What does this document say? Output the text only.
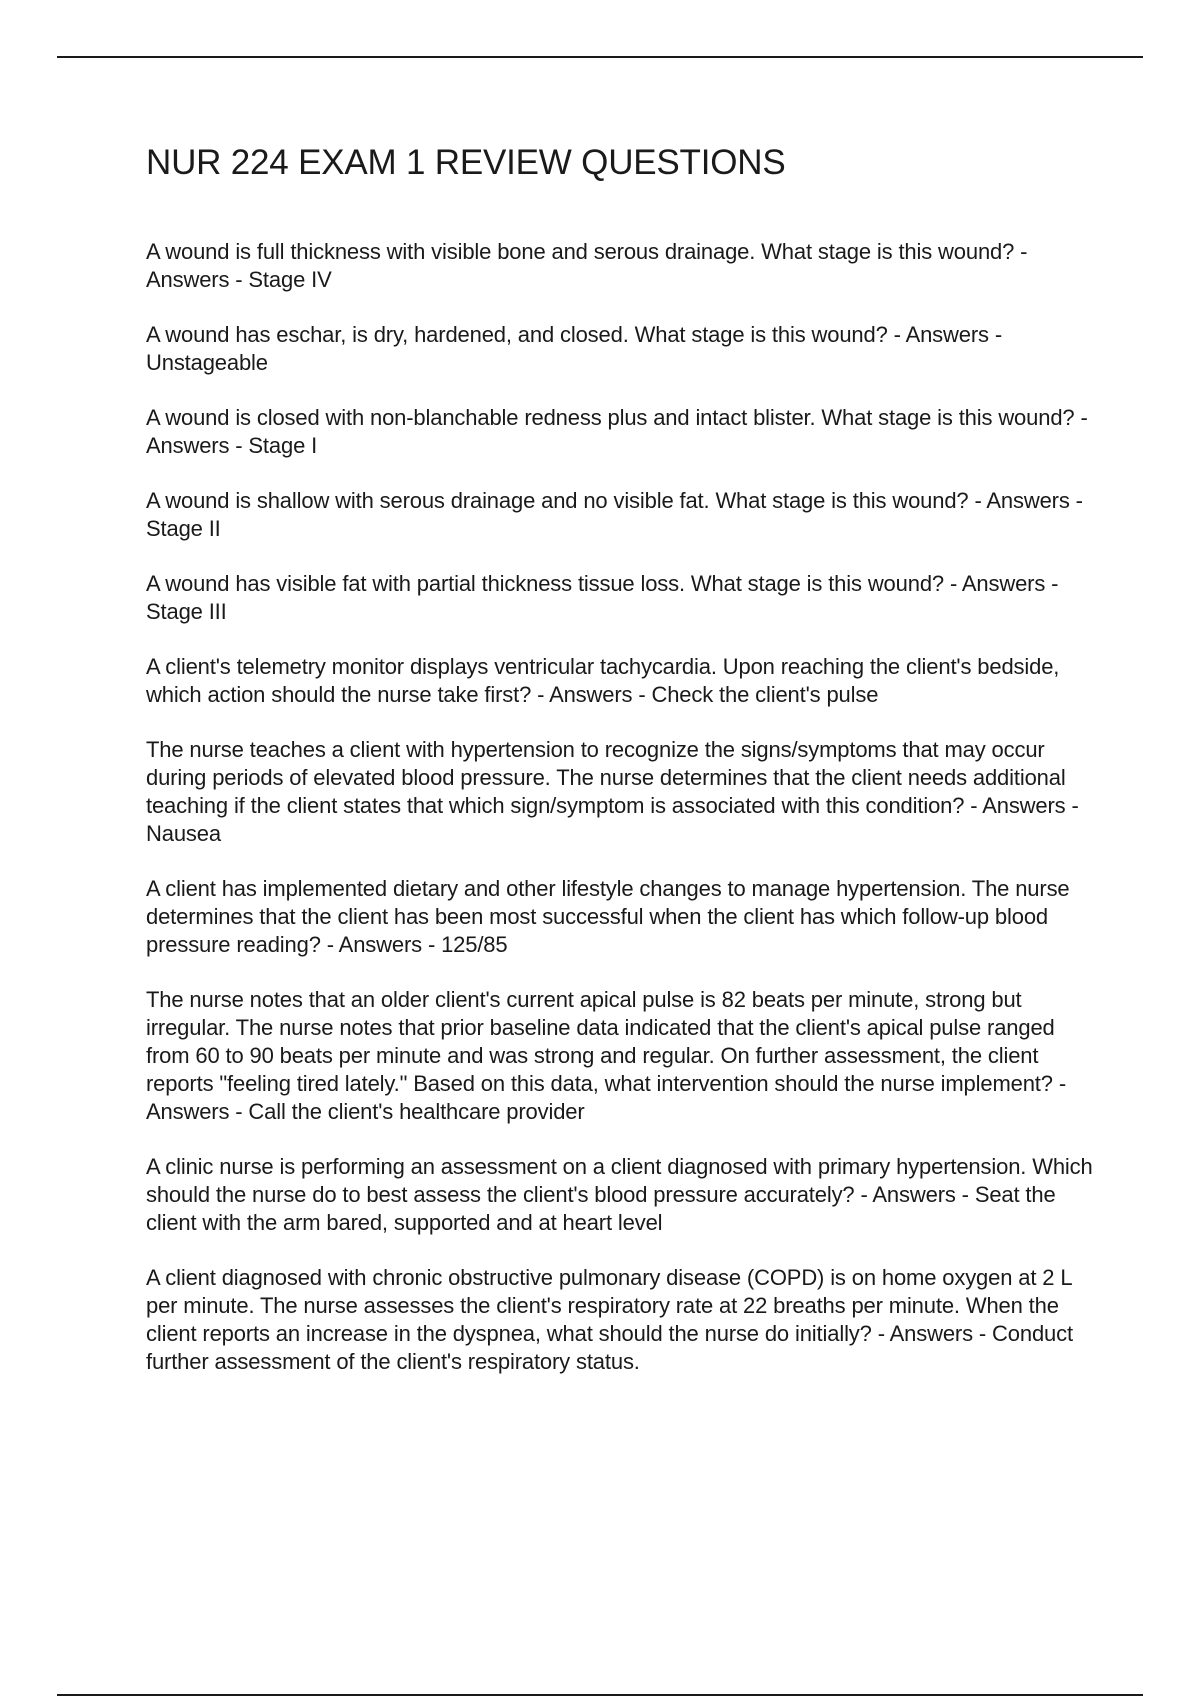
NUR 224 EXAM 1 REVIEW QUESTIONS
A wound is full thickness with visible bone and serous drainage. What stage is this wound? - Answers - Stage IV
A wound has eschar, is dry, hardened, and closed. What stage is this wound? - Answers - Unstageable
A wound is closed with non-blanchable redness plus and intact blister. What stage is this wound? - Answers - Stage I
A wound is shallow with serous drainage and no visible fat. What stage is this wound? - Answers - Stage II
A wound has visible fat with partial thickness tissue loss. What stage is this wound? - Answers - Stage III
A client's telemetry monitor displays ventricular tachycardia. Upon reaching the client's bedside, which action should the nurse take first? - Answers - Check the client's pulse
The nurse teaches a client with hypertension to recognize the signs/symptoms that may occur during periods of elevated blood pressure. The nurse determines that the client needs additional teaching if the client states that which sign/symptom is associated with this condition? - Answers - Nausea
A client has implemented dietary and other lifestyle changes to manage hypertension. The nurse determines that the client has been most successful when the client has which follow-up blood pressure reading? - Answers - 125/85
The nurse notes that an older client's current apical pulse is 82 beats per minute, strong but irregular. The nurse notes that prior baseline data indicated that the client's apical pulse ranged from 60 to 90 beats per minute and was strong and regular. On further assessment, the client reports "feeling tired lately." Based on this data, what intervention should the nurse implement? - Answers - Call the client's healthcare provider
A clinic nurse is performing an assessment on a client diagnosed with primary hypertension. Which should the nurse do to best assess the client's blood pressure accurately? - Answers - Seat the client with the arm bared, supported and at heart level
A client diagnosed with chronic obstructive pulmonary disease (COPD) is on home oxygen at 2 L per minute. The nurse assesses the client's respiratory rate at 22 breaths per minute. When the client reports an increase in the dyspnea, what should the nurse do initially? - Answers - Conduct further assessment of the client's respiratory status.
